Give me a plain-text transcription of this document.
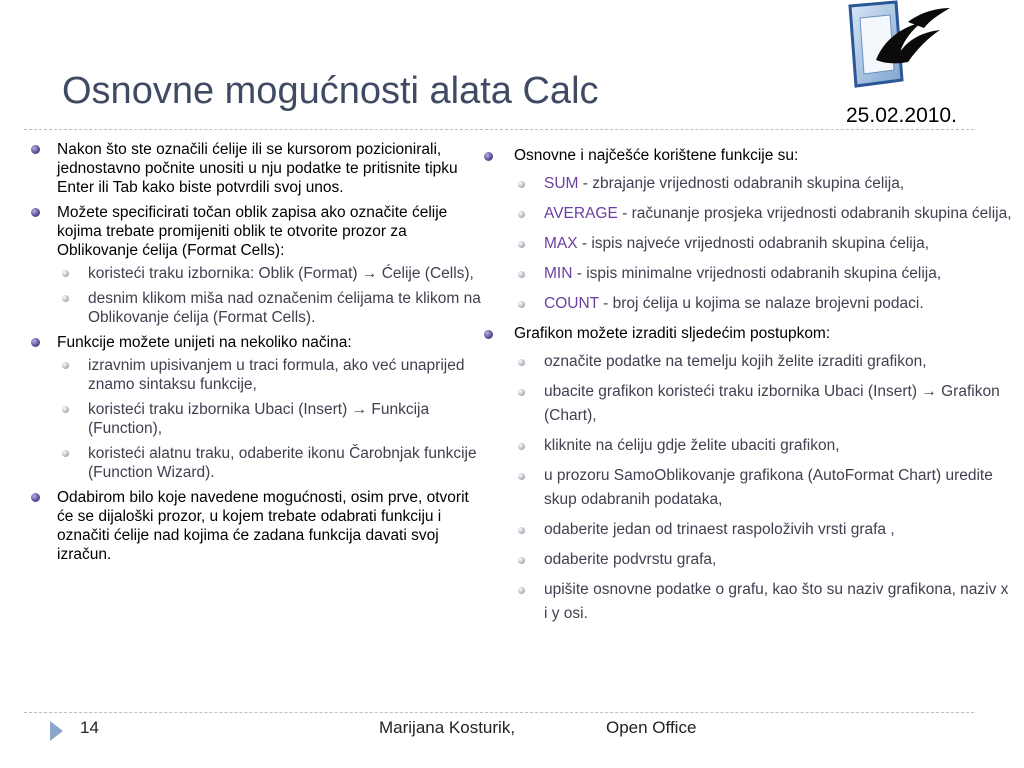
Osnovne mogućnosti alata Calc
25.02.2010.
Nakon što ste označili ćelije ili se kursorom pozicionirali, jednostavno počnite unositi u nju podatke te pritisnite tipku Enter ili Tab kako biste potvrdili svoj unos.
Možete specificirati točan oblik zapisa ako označite ćelije kojima trebate promijeniti oblik te otvorite prozor za Oblikovanje ćelija (Format Cells):
koristeći traku izbornika: Oblik (Format) → Ćelije (Cells),
desnim klikom miša nad označenim ćelijama te klikom na Oblikovanje ćelija (Format Cells).
Funkcije možete unijeti na nekoliko načina:
izravnim upisivanjem u traci formula, ako već unaprijed znamo sintaksu funkcije,
koristeći traku izbornika Ubaci (Insert) → Funkcija (Function),
koristeći alatnu traku, odaberite ikonu Čarobnjak funkcije (Function Wizard).
Odabirom bilo koje navedene mogućnosti, osim prve, otvorit će se dijaloški prozor, u kojem trebate odabrati funkciju i označiti ćelije nad kojima će zadana funkcija davati svoj izračun.
Osnovne i najčešće korištene funkcije su:
SUM - zbrajanje vrijednosti odabranih skupina ćelija,
AVERAGE - računanje prosjeka vrijednosti odabranih skupina ćelija,
MAX - ispis najveće vrijednosti odabranih skupina ćelija,
MIN - ispis minimalne vrijednosti odabranih skupina ćelija,
COUNT - broj ćelija u kojima se nalaze brojevni podaci.
Grafikon možete izraditi sljedećim postupkom:
označite podatke na temelju kojih želite izraditi grafikon,
ubacite grafikon koristeći traku izbornika Ubaci (Insert) → Grafikon (Chart),
kliknite na ćeliju gdje želite ubaciti grafikon,
u prozoru SamoOblikovanje grafikona (AutoFormat Chart) uredite skup odabranih podataka,
odaberite jedan od trinaest raspoloživih vrsti grafa ,
odaberite podvrstu grafa,
upišite osnovne podatke o grafu, kao što su naziv grafikona, naziv x i y osi.
14	Marijana Kosturik,	Open Office
